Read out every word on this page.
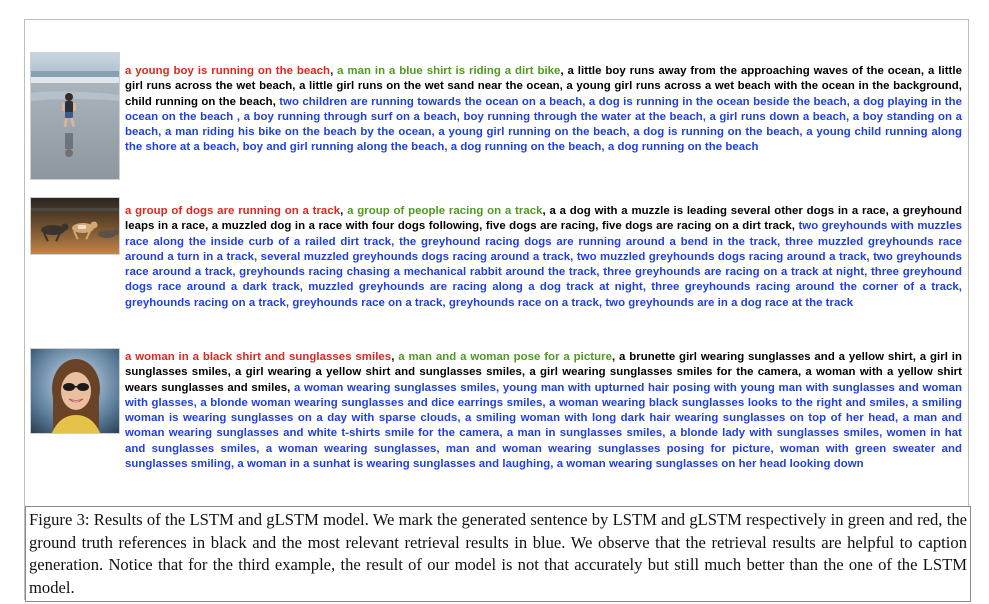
a young boy is running on the beach, a man in a blue shirt is riding a dirt bike, a little boy runs away from the approaching waves of the ocean, a little girl runs across the wet beach, a little girl runs on the wet sand near the ocean, a young girl runs across a wet beach with the ocean in the background, child running on the beach, two children are running towards the ocean on a beach, a dog is running in the ocean beside the beach, a dog playing in the ocean on the beach , a boy running through surf on a beach, boy running through the water at the beach, a girl runs down a beach, a boy standing on a beach, a man riding his bike on the beach by the ocean, a young girl running on the beach, a dog is running on the beach, a young child running along the shore at a beach, boy and girl running along the beach, a dog running on the beach, a dog running on the beach
a group of dogs are running on a track, a group of people racing on a track, a a dog with a muzzle is leading several other dogs in a race, a greyhound leaps in a race, a muzzled dog in a race with four dogs following, five dogs are racing, five dogs are racing on a dirt track, two greyhounds with muzzles race along the inside curb of a railed dirt track, the greyhound racing dogs are running around a bend in the track, three muzzled greyhounds race around a turn in a track, several muzzled greyhounds dogs racing around a track, two muzzled greyhounds dogs racing around a track, two greyhounds race around a track, greyhounds racing chasing a mechanical rabbit around the track, three greyhounds are racing on a track at night, three greyhound dogs race around a dark track, muzzled greyhounds are racing along a dog track at night, three greyhounds racing around the corner of a track, greyhounds racing on a track, greyhounds race on a track, greyhounds race on a track, two greyhounds are in a dog race at the track
a woman in a black shirt and sunglasses smiles, a man and a woman pose for a picture, a brunette girl wearing sunglasses and a yellow shirt, a girl in sunglasses smiles, a girl wearing a yellow shirt and sunglasses smiles, a girl wearing sunglasses smiles for the camera, a woman with a yellow shirt wears sunglasses and smiles, a woman wearing sunglasses smiles, young man with upturned hair posing with young man with sunglasses and woman with glasses, a blonde woman wearing sunglasses and dice earrings smiles, a woman wearing black sunglasses looks to the right and smiles, a smiling woman is wearing sunglasses on a day with sparse clouds, a smiling woman with long dark hair wearing sunglasses on top of her head, a man and woman wearing sunglasses and white t-shirts smile for the camera, a man in sunglasses smiles, a blonde lady with sunglasses smiles, women in hat and sunglasses smiles, a woman wearing sunglasses, man and woman wearing sunglasses posing for picture, woman with green sweater and sunglasses smiling, a woman in a sunhat is wearing sunglasses and laughing, a woman wearing sunglasses on her head looking down
Figure 3: Results of the LSTM and gLSTM model. We mark the generated sentence by LSTM and gLSTM respectively in green and red, the ground truth references in black and the most relevant retrieval results in blue. We observe that the retrieval results are helpful to caption generation. Notice that for the third example, the result of our model is not that accurately but still much better than the one of the LSTM model.
